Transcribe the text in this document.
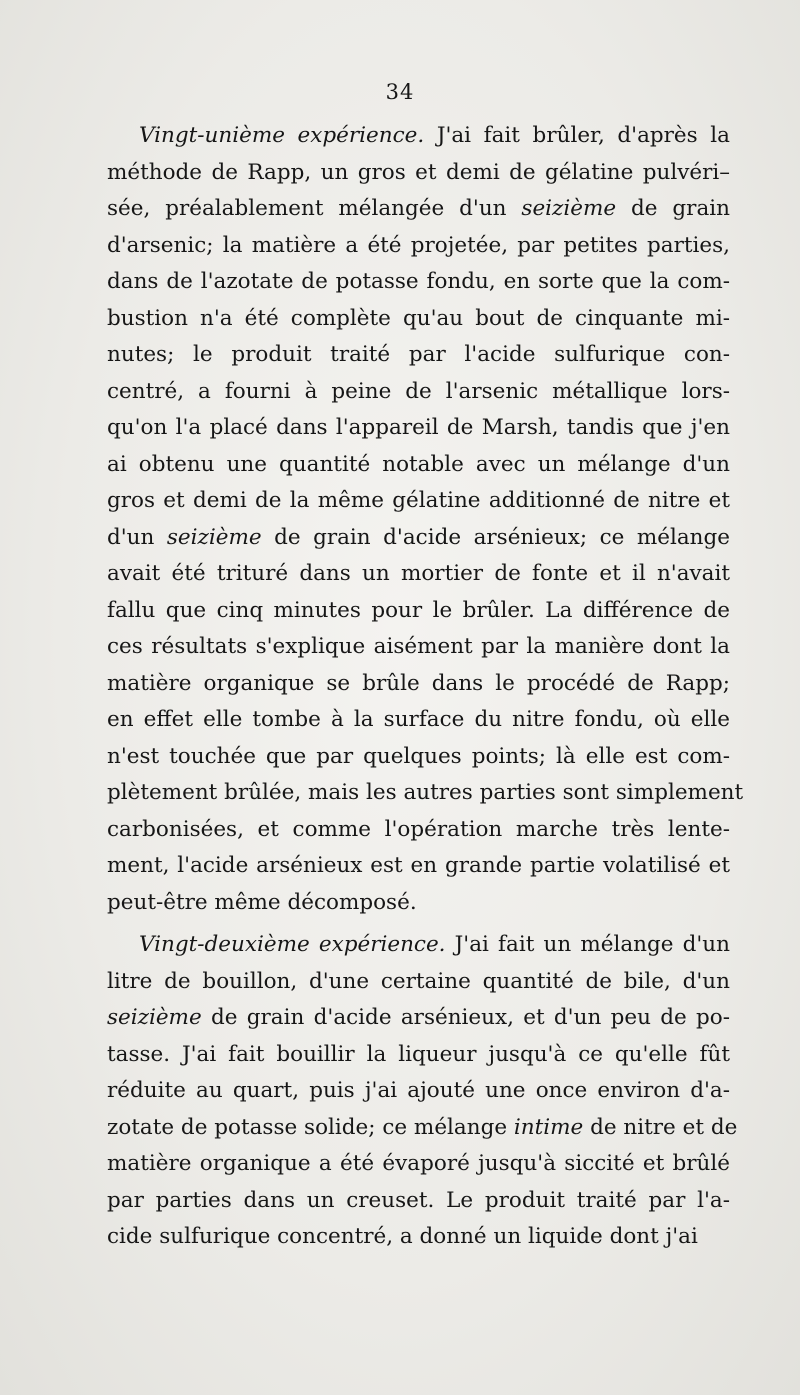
34
Vingt-unième expérience. J'ai fait brûler, d'après la
méthode de Rapp, un gros et demi de gélatine pulvéri–
sée, préalablement mélangée d'un seizième de grain
d'arsenic; la matière a été projetée, par petites parties,
dans de l'azotate de potasse fondu, en sorte que la com-
bustion n'a été complète qu'au bout de cinquante mi-
nutes; le produit traité par l'acide sulfurique con-
centré, a fourni à peine de l'arsenic métallique lors-
qu'on l'a placé dans l'appareil de Marsh, tandis que j'en
ai obtenu une quantité notable avec un mélange d'un
gros et demi de la même gélatine additionné de nitre et
d'un seizième de grain d'acide arsénieux; ce mélange
avait été trituré dans un mortier de fonte et il n'avait
fallu que cinq minutes pour le brûler. La différence de
ces résultats s'explique aisément par la manière dont la
matière organique se brûle dans le procédé de Rapp;
en effet elle tombe à la surface du nitre fondu, où elle
n'est touchée que par quelques points; là elle est com-
plètement brûlée, mais les autres parties sont simplement
carbonisées, et comme l'opération marche très lente-
ment, l'acide arsénieux est en grande partie volatilisé et
peut-être même décomposé.
Vingt-deuxième expérience. J'ai fait un mélange d'un
litre de bouillon, d'une certaine quantité de bile, d'un
seizième de grain d'acide arsénieux, et d'un peu de po-
tasse. J'ai fait bouillir la liqueur jusqu'à ce qu'elle fût
réduite au quart, puis j'ai ajouté une once environ d'a-
zotate de potasse solide; ce mélange intime de nitre et de
matière organique a été évaporé jusqu'à siccité et brûlé
par parties dans un creuset. Le produit traité par l'a-
cide sulfurique concentré, a donné un liquide dont j'ai
